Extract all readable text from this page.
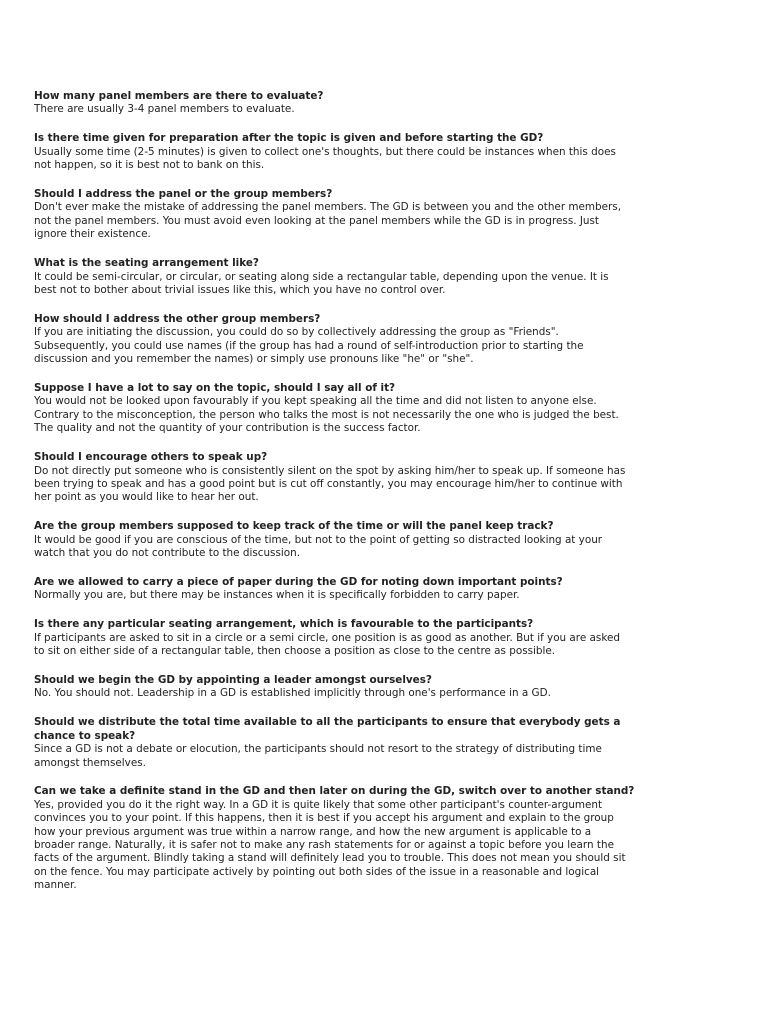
How many panel members are there to evaluate?
There are usually 3-4 panel members to evaluate.
Is there time given for preparation after the topic is given and before starting the GD?
Usually some time (2-5 minutes) is given to collect one's thoughts, but there could be instances when this does
not happen, so it is best not to bank on this.
Should I address the panel or the group members?
Don't ever make the mistake of addressing the panel members. The GD is between you and the other members,
not the panel members. You must avoid even looking at the panel members while the GD is in progress. Just
ignore their existence.
What is the seating arrangement like?
It could be semi-circular, or circular, or seating along side a rectangular table, depending upon the venue. It is
best not to bother about trivial issues like this, which you have no control over.
How should I address the other group members?
If you are initiating the discussion, you could do so by collectively addressing the group as "Friends".
Subsequently, you could use names (if the group has had a round of self-introduction prior to starting the
discussion and you remember the names) or simply use pronouns like "he" or "she".
Suppose I have a lot to say on the topic, should I say all of it?
You would not be looked upon favourably if you kept speaking all the time and did not listen to anyone else.
Contrary to the misconception, the person who talks the most is not necessarily the one who is judged the best.
The quality and not the quantity of your contribution is the success factor.
Should I encourage others to speak up?
Do not directly put someone who is consistently silent on the spot by asking him/her to speak up. If someone has
been trying to speak and has a good point but is cut off constantly, you may encourage him/her to continue with
her point as you would like to hear her out.
Are the group members supposed to keep track of the time or will the panel keep track?
It would be good if you are conscious of the time, but not to the point of getting so distracted looking at your
watch that you do not contribute to the discussion.
Are we allowed to carry a piece of paper during the GD for noting down important points?
Normally you are, but there may be instances when it is specifically forbidden to carry paper.
Is there any particular seating arrangement, which is favourable to the participants?
If participants are asked to sit in a circle or a semi circle, one position is as good as another. But if you are asked
to sit on either side of a rectangular table, then choose a position as close to the centre as possible.
Should we begin the GD by appointing a leader amongst ourselves?
No. You should not. Leadership in a GD is established implicitly through one's performance in a GD.
Should we distribute the total time available to all the participants to ensure that everybody gets a
chance to speak?
Since a GD is not a debate or elocution, the participants should not resort to the strategy of distributing time
amongst themselves.
Can we take a definite stand in the GD and then later on during the GD, switch over to another stand?
Yes, provided you do it the right way. In a GD it is quite likely that some other participant's counter-argument
convinces you to your point. If this happens, then it is best if you accept his argument and explain to the group
how your previous argument was true within a narrow range, and how the new argument is applicable to a
broader range. Naturally, it is safer not to make any rash statements for or against a topic before you learn the
facts of the argument. Blindly taking a stand will definitely lead you to trouble. This does not mean you should sit
on the fence. You may participate actively by pointing out both sides of the issue in a reasonable and logical
manner.
